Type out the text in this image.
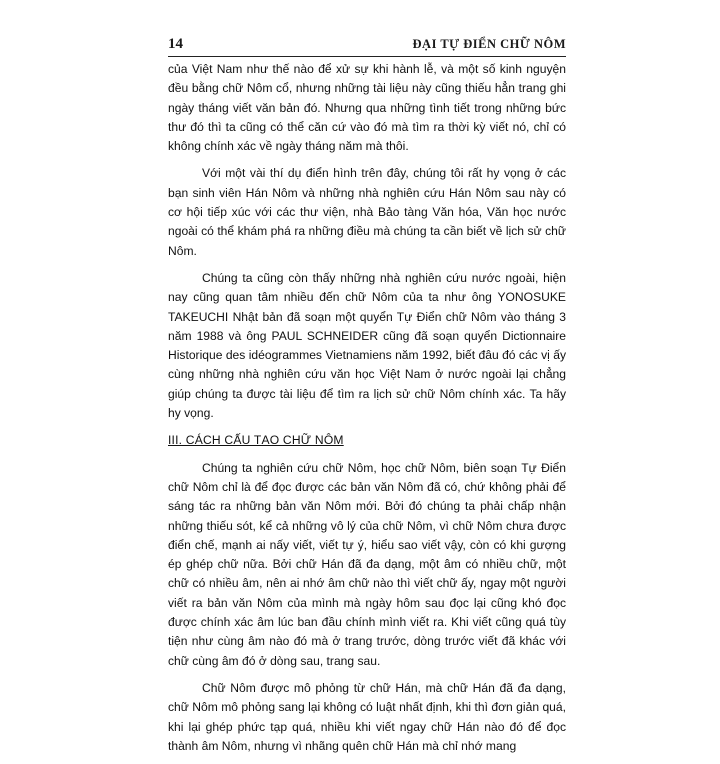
14	ĐẠI TỰ ĐIỂN CHỮ NÔM

của Việt Nam như thế nào để xử sự khi hành lễ, và một số kinh nguyện đều bằng chữ Nôm cổ, nhưng những tài liệu này cũng thiếu hẳn trang ghi ngày tháng viết văn bản đó. Nhưng qua những tình tiết trong những bức thư đó thì ta cũng có thể căn cứ vào đó mà tìm ra thời kỳ viết nó, chỉ có không chính xác về ngày tháng năm mà thôi.

Với một vài thí dụ điển hình trên đây, chúng tôi rất hy vọng ở các bạn sinh viên Hán Nôm và những nhà nghiên cứu Hán Nôm sau này có cơ hội tiếp xúc với các thư viện, nhà Bảo tàng Văn hóa, Văn học nước ngoài có thể khám phá ra những điều mà chúng ta cần biết về lịch sử chữ Nôm.

Chúng ta cũng còn thấy những nhà nghiên cứu nước ngoài, hiện nay cũng quan tâm nhiều đến chữ Nôm của ta như ông YONOSUKE TAKEUCHI Nhật bản đã soạn một quyển Tự Điển chữ Nôm vào tháng 3 năm 1988 và ông PAUL SCHNEIDER cũng đã soạn quyển Dictionnaire Historique des idéogrammes Vietnamiens năm 1992, biết đâu đó các vị ấy cùng những nhà nghiên cứu văn học Việt Nam ở nước ngoài lại chẳng giúp chúng ta được tài liệu để tìm ra lịch sử chữ Nôm chính xác. Ta hãy hy vọng.

III. CÁCH CẤU TẠO CHỮ NÔM

Chúng ta nghiên cứu chữ Nôm, học chữ Nôm, biên soạn Tự Điển chữ Nôm chỉ là để đọc được các bản văn Nôm đã có, chứ không phải để sáng tác ra những bản văn Nôm mới. Bởi đó chúng ta phải chấp nhận những thiếu sót, kể cả những vô lý của chữ Nôm, vì chữ Nôm chưa được điển chế, mạnh ai nấy viết, viết tự ý, hiểu sao viết vậy, còn có khi gượng ép ghép chữ nữa. Bởi chữ Hán đã đa dạng, một âm có nhiều chữ, một chữ có nhiều âm, nên ai nhớ âm chữ nào thì viết chữ ấy, ngay một người viết ra bản văn Nôm của mình mà ngày hôm sau đọc lại cũng khó đọc được chính xác âm lúc ban đầu chính mình viết ra. Khi viết cũng quá tùy tiện như cùng âm nào đó mà ở trang trước, dòng trước viết đã khác với chữ cùng âm đó ở dòng sau, trang sau.

Chữ Nôm được mô phỏng từ chữ Hán, mà chữ Hán đã đa dạng, chữ Nôm mô phỏng sang lại không có luật nhất định, khi thì đơn giản quá, khi lại ghép phức tạp quá, nhiều khi viết ngay chữ Hán nào đó để đọc thành âm Nôm, nhưng vì nhãng quên chữ Hán mà chỉ nhớ mang
